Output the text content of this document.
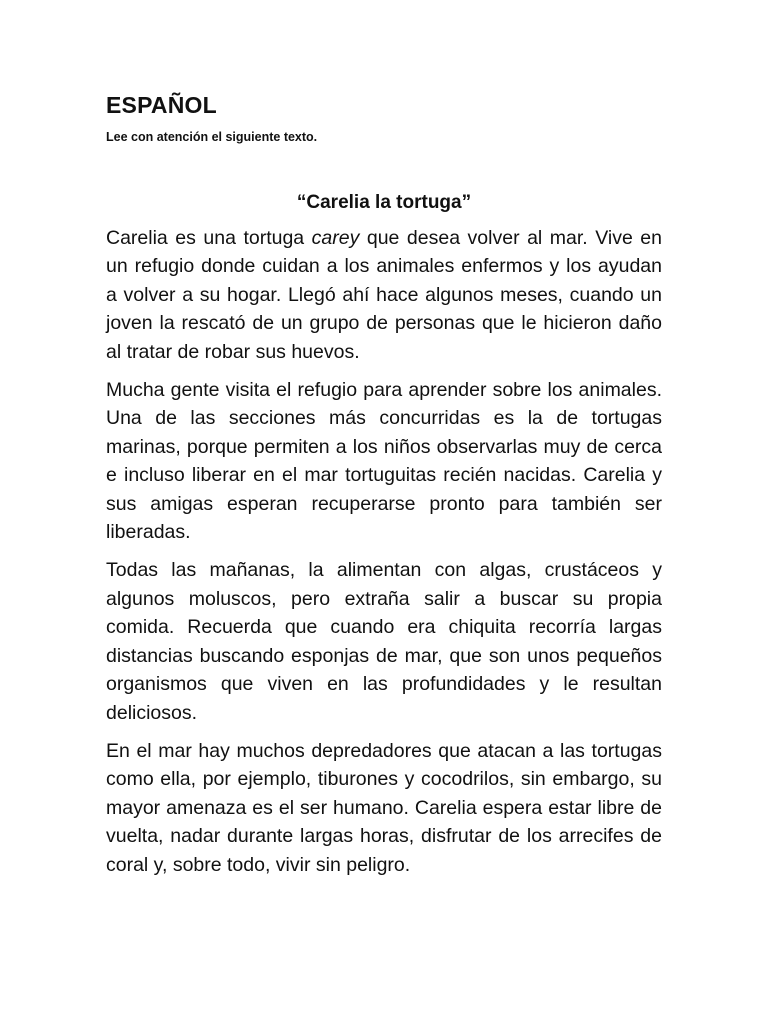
ESPAÑOL

Lee con atención el siguiente texto.

“Carelia la tortuga”

Carelia es una tortuga carey que desea volver al mar. Vive en un refugio donde cuidan a los animales enfermos y los ayudan a volver a su hogar. Llegó ahí hace algunos meses, cuando un joven la rescató de un grupo de personas que le hicieron daño al tratar de robar sus huevos.

Mucha gente visita el refugio para aprender sobre los animales. Una de las secciones más concurridas es la de tortugas marinas, porque permiten a los niños observarlas muy de cerca e incluso liberar en el mar tortuguitas recién nacidas. Carelia y sus amigas esperan recuperarse pronto para también ser liberadas.

Todas las mañanas, la alimentan con algas, crustáceos y algunos moluscos, pero extraña salir a buscar su propia comida. Recuerda que cuando era chiquita recorría largas distancias buscando esponjas de mar, que son unos pequeños organismos que viven en las profundidades y le resultan deliciosos.

En el mar hay muchos depredadores que atacan a las tortugas como ella, por ejemplo, tiburones y cocodrilos, sin embargo, su mayor amenaza es el ser humano. Carelia espera estar libre de vuelta, nadar durante largas horas, disfrutar de los arrecifes de coral y, sobre todo, vivir sin peligro.
